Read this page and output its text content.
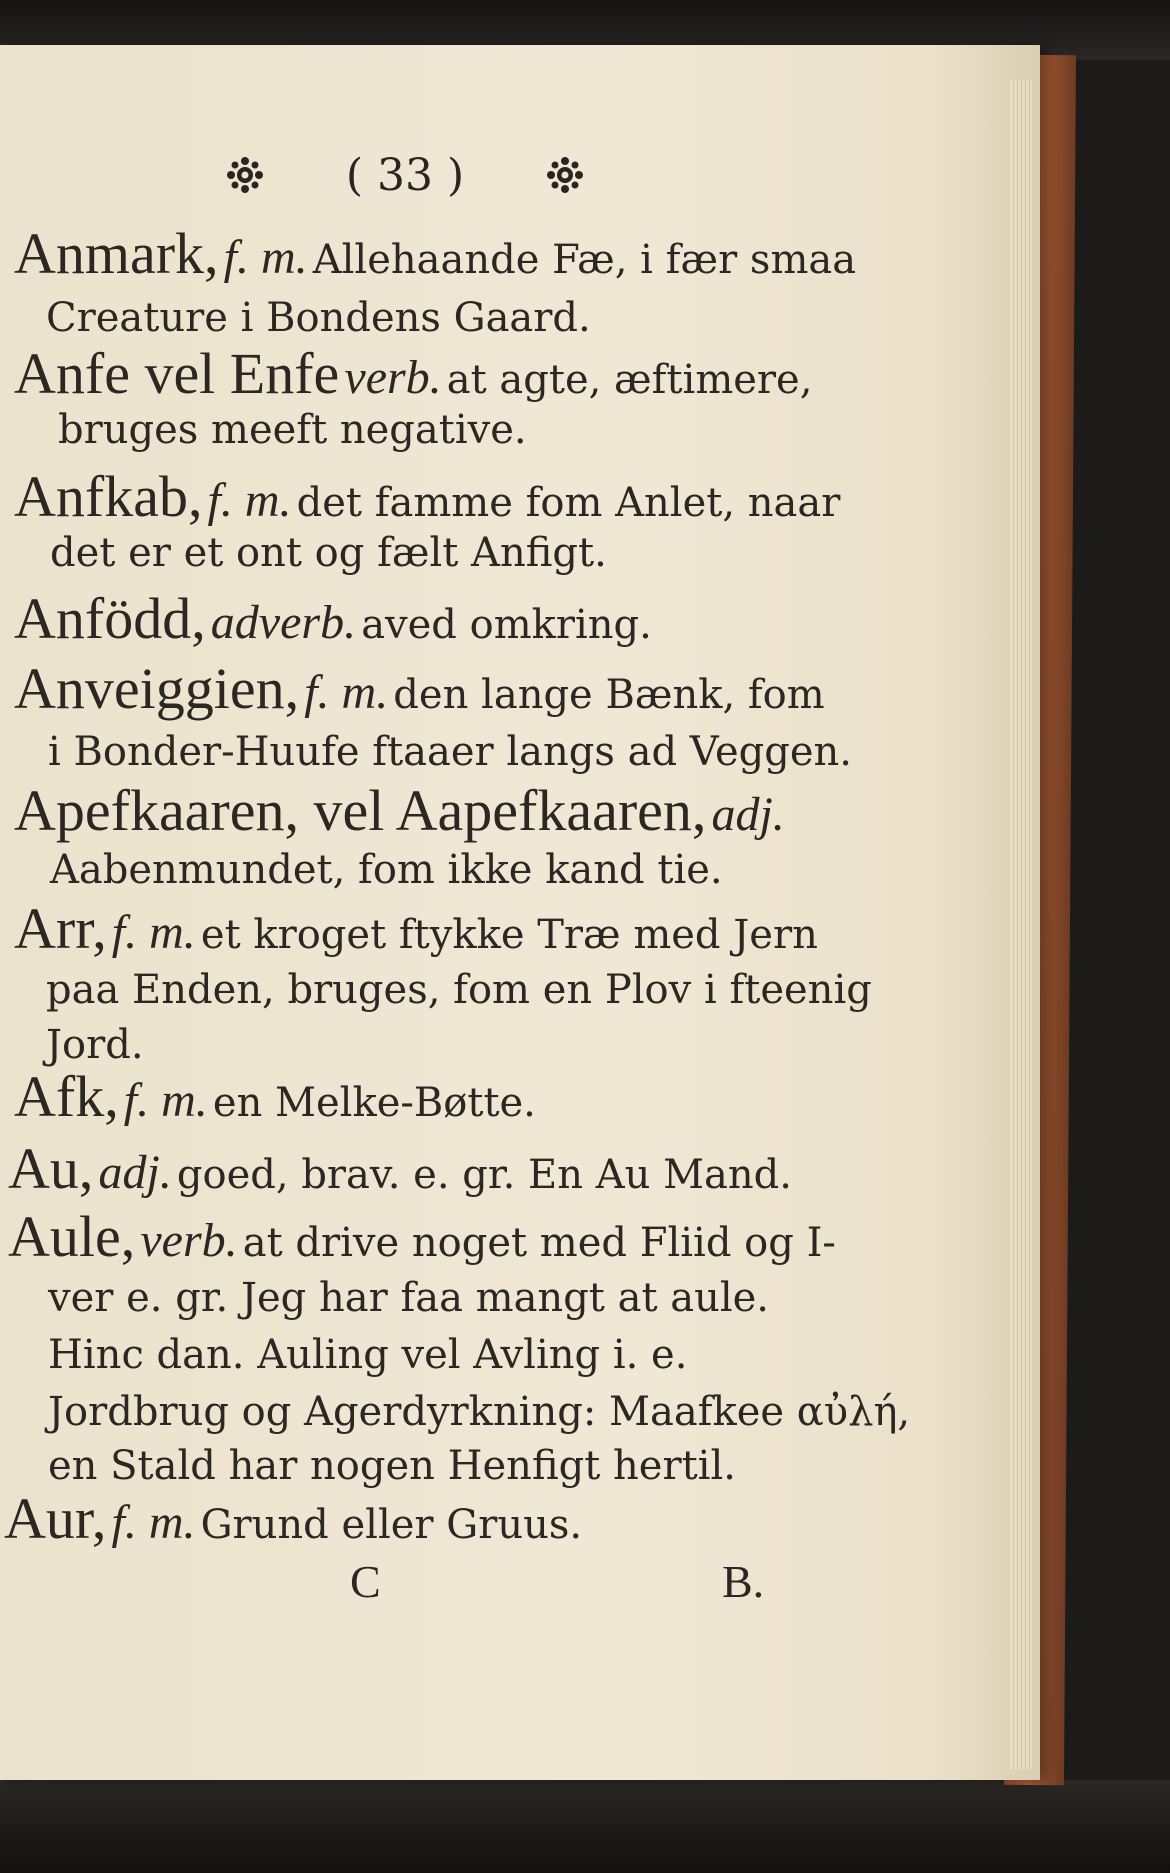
( 33 )
Anmark, f. m. Allehaande Fæ, i fær smaa
Creature i Bondens Gaard.
Anfe vel Enfe verb. at agte, æftimere,
bruges meeft negative.
Anfkab, f. m. det famme fom Anlet, naar
det er et ont og fælt Anfigt.
Anfödd, adverb. aved omkring.
Anveiggien, f. m. den lange Bænk, fom
i Bonder-Huufe ftaaer langs ad Veggen.
Apefkaaren, vel Aapefkaaren, adj.
Aabenmundet, fom ikke kand tie.
Arr, f. m. et kroget ftykke Træ med Jern
paa Enden, bruges, fom en Plov i fteenig
Jord.
Afk, f. m. en Melke-Bøtte.
Au, adj. goed, brav. e. gr. En Au Mand.
Aule, verb. at drive noget med Fliid og I-
ver e. gr. Jeg har faa mangt at aule.
Hinc dan. Auling vel Avling i. e.
Jordbrug og Agerdyrkning: Maafkee αὐλή,
en Stald har nogen Henfigt hertil.
Aur, f. m. Grund eller Gruus.
C	B.
